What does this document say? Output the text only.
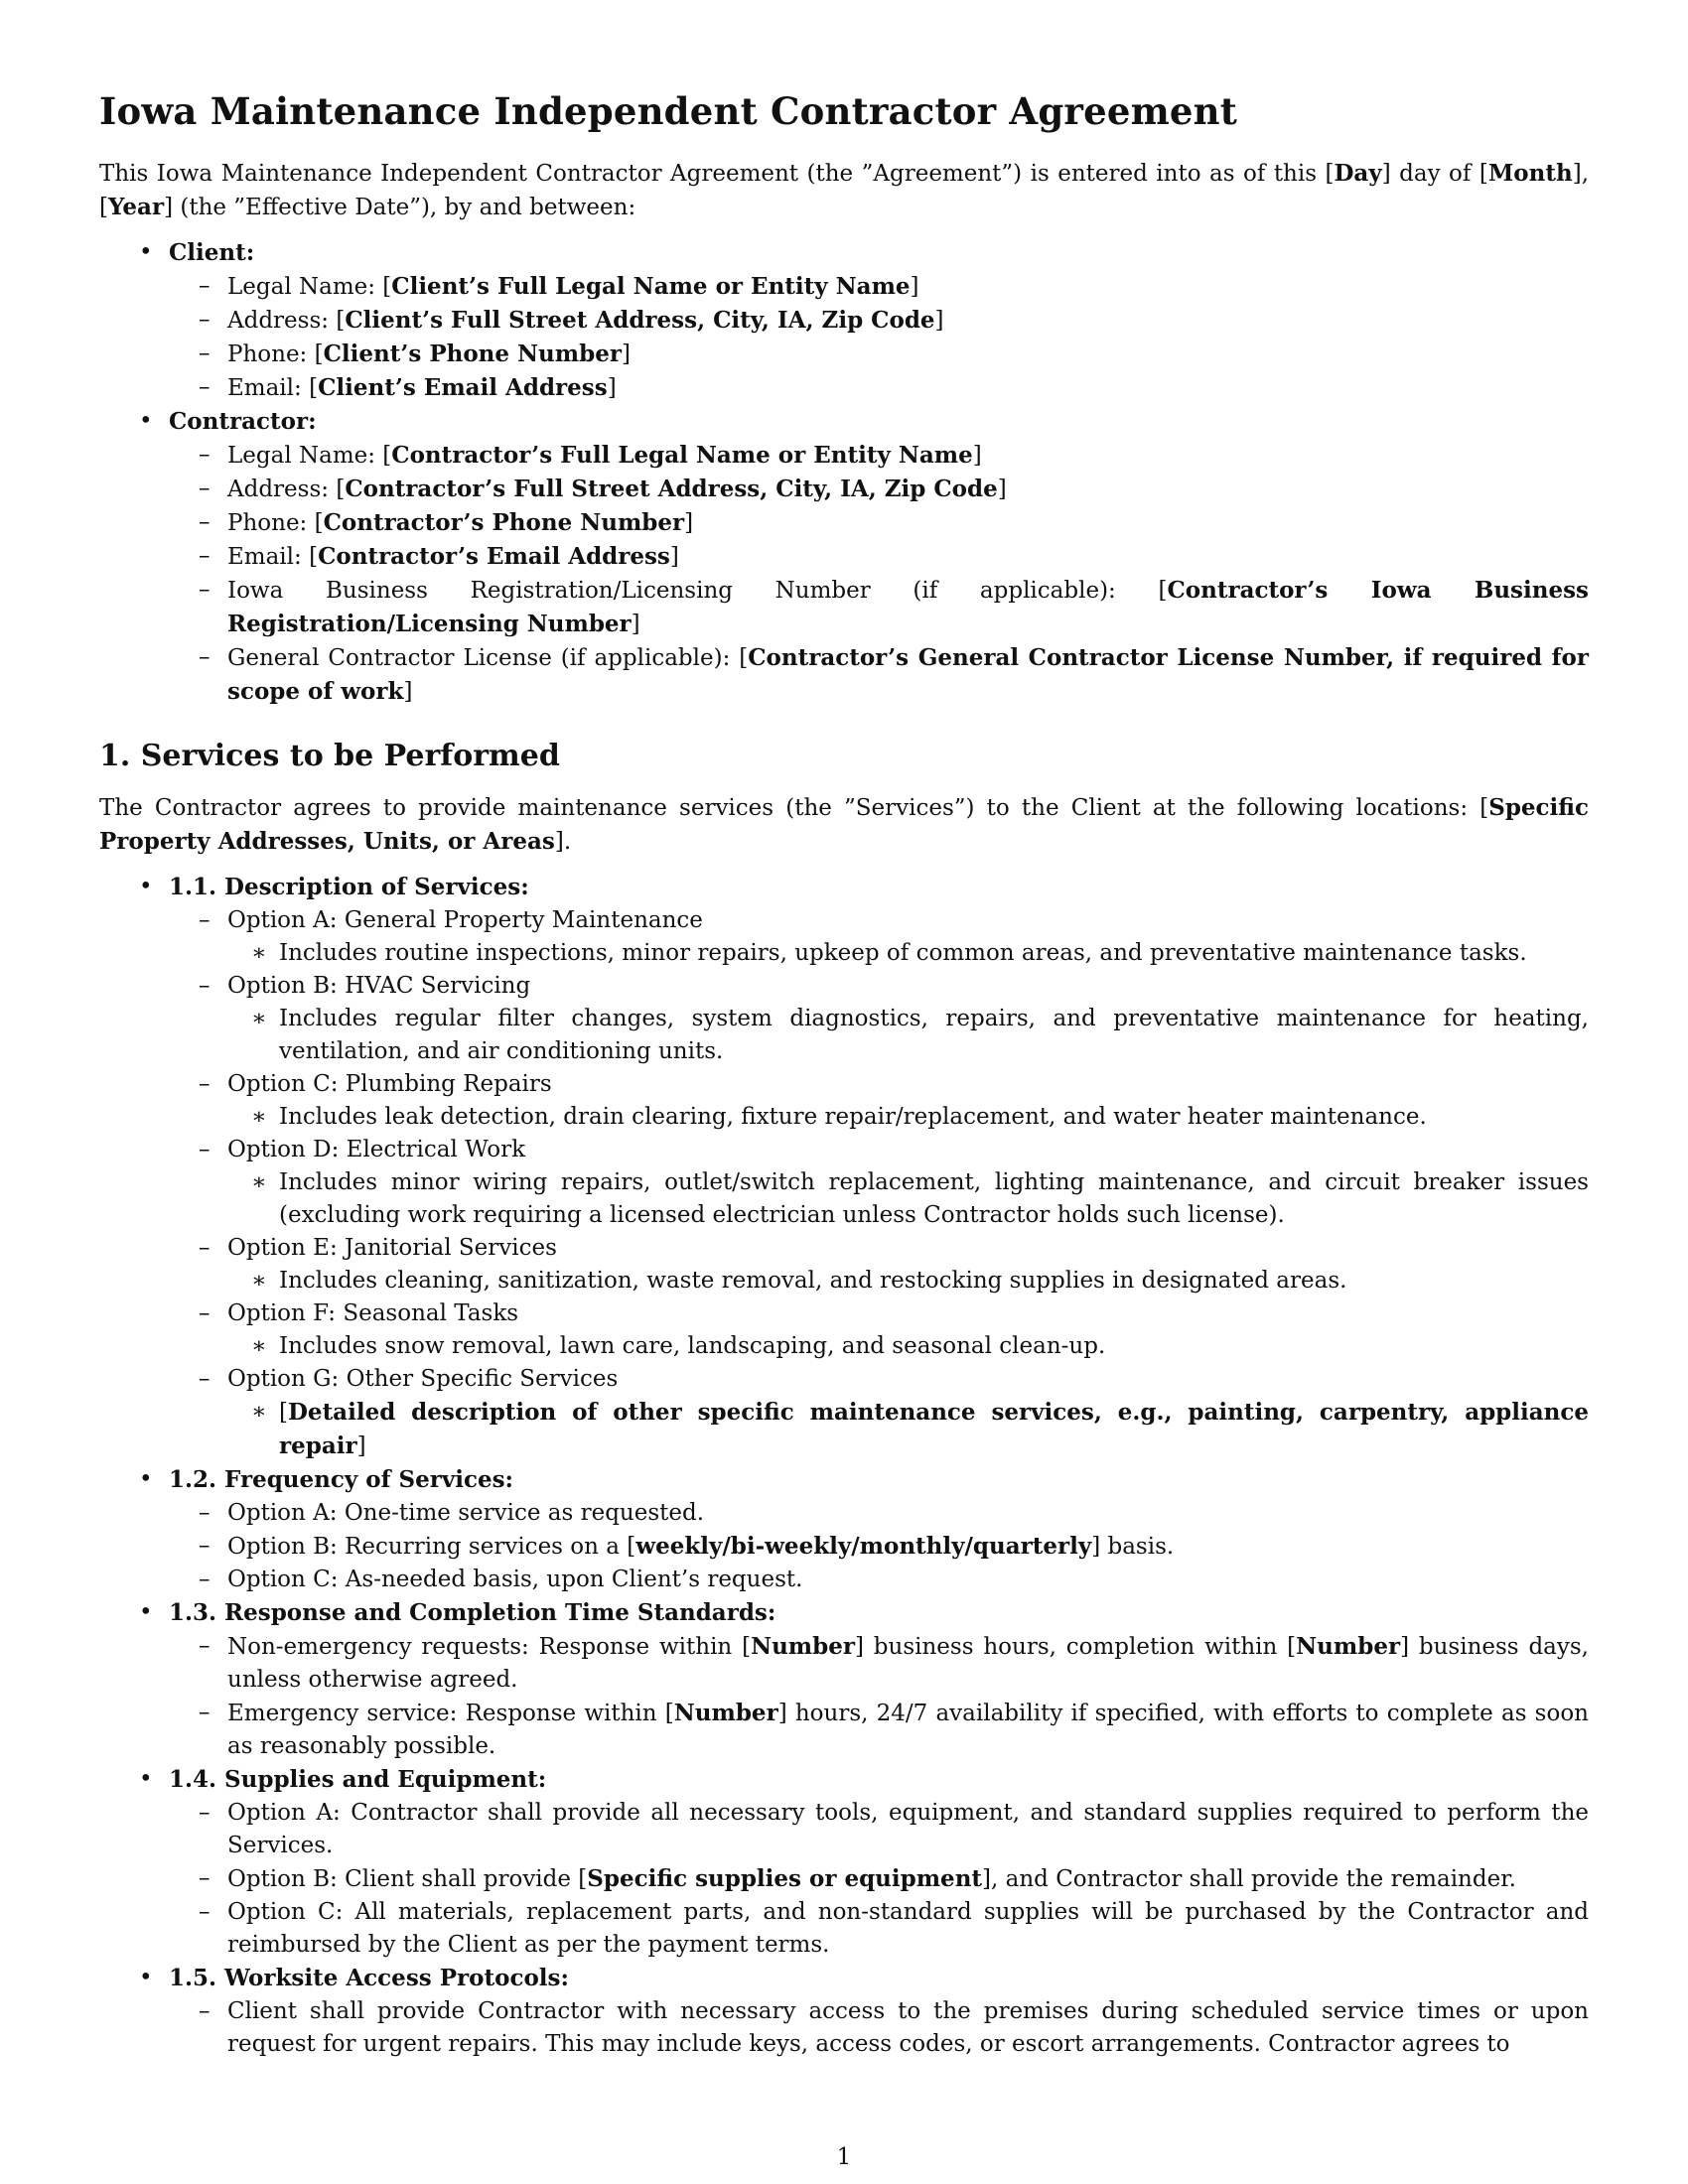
Iowa Maintenance Independent Contractor Agreement

This Iowa Maintenance Independent Contractor Agreement (the ”Agreement”) is entered into as of this [Day] day of [Month], [Year] (the ”Effective Date”), by and between:

• Client:
– Legal Name: [Client’s Full Legal Name or Entity Name]
– Address: [Client’s Full Street Address, City, IA, Zip Code]
– Phone: [Client’s Phone Number]
– Email: [Client’s Email Address]
• Contractor:
– Legal Name: [Contractor’s Full Legal Name or Entity Name]
– Address: [Contractor’s Full Street Address, City, IA, Zip Code]
– Phone: [Contractor’s Phone Number]
– Email: [Contractor’s Email Address]
– Iowa Business Registration/Licensing Number (if applicable): [Contractor’s Iowa Business Registration/Licensing Number]
– General Contractor License (if applicable): [Contractor’s General Contractor License Number, if required for scope of work]
1. Services to be Performed

The Contractor agrees to provide maintenance services (the ”Services”) to the Client at the following locations: [Specific Property Addresses, Units, or Areas].

• 1.1. Description of Services:
– Option A: General Property Maintenance
∗ Includes routine inspections, minor repairs, upkeep of common areas, and preventative maintenance tasks.
– Option B: HVAC Servicing
∗ Includes regular filter changes, system diagnostics, repairs, and preventative maintenance for heating, ventilation, and air conditioning units.
– Option C: Plumbing Repairs
∗ Includes leak detection, drain clearing, fixture repair/replacement, and water heater maintenance.
– Option D: Electrical Work
∗ Includes minor wiring repairs, outlet/switch replacement, lighting maintenance, and circuit breaker issues (excluding work requiring a licensed electrician unless Contractor holds such license).
– Option E: Janitorial Services
∗ Includes cleaning, sanitization, waste removal, and restocking supplies in designated areas.
– Option F: Seasonal Tasks
∗ Includes snow removal, lawn care, landscaping, and seasonal clean-up.
– Option G: Other Specific Services
∗ [Detailed description of other specific maintenance services, e.g., painting, carpentry, appliance repair]
• 1.2. Frequency of Services:
– Option A: One-time service as requested.
– Option B: Recurring services on a [weekly/bi-weekly/monthly/quarterly] basis.
– Option C: As-needed basis, upon Client’s request.
• 1.3. Response and Completion Time Standards:
– Non-emergency requests: Response within [Number] business hours, completion within [Number] business days, unless otherwise agreed.
– Emergency service: Response within [Number] hours, 24/7 availability if specified, with efforts to complete as soon as reasonably possible.
• 1.4. Supplies and Equipment:
– Option A: Contractor shall provide all necessary tools, equipment, and standard supplies required to perform the Services.
– Option B: Client shall provide [Specific supplies or equipment], and Contractor shall provide the remainder.
– Option C: All materials, replacement parts, and non-standard supplies will be purchased by the Contractor and reimbursed by the Client as per the payment terms.
• 1.5. Worksite Access Protocols:
– Client shall provide Contractor with necessary access to the premises during scheduled service times or upon request for urgent repairs. This may include keys, access codes, or escort arrangements. Contractor agrees to
1
